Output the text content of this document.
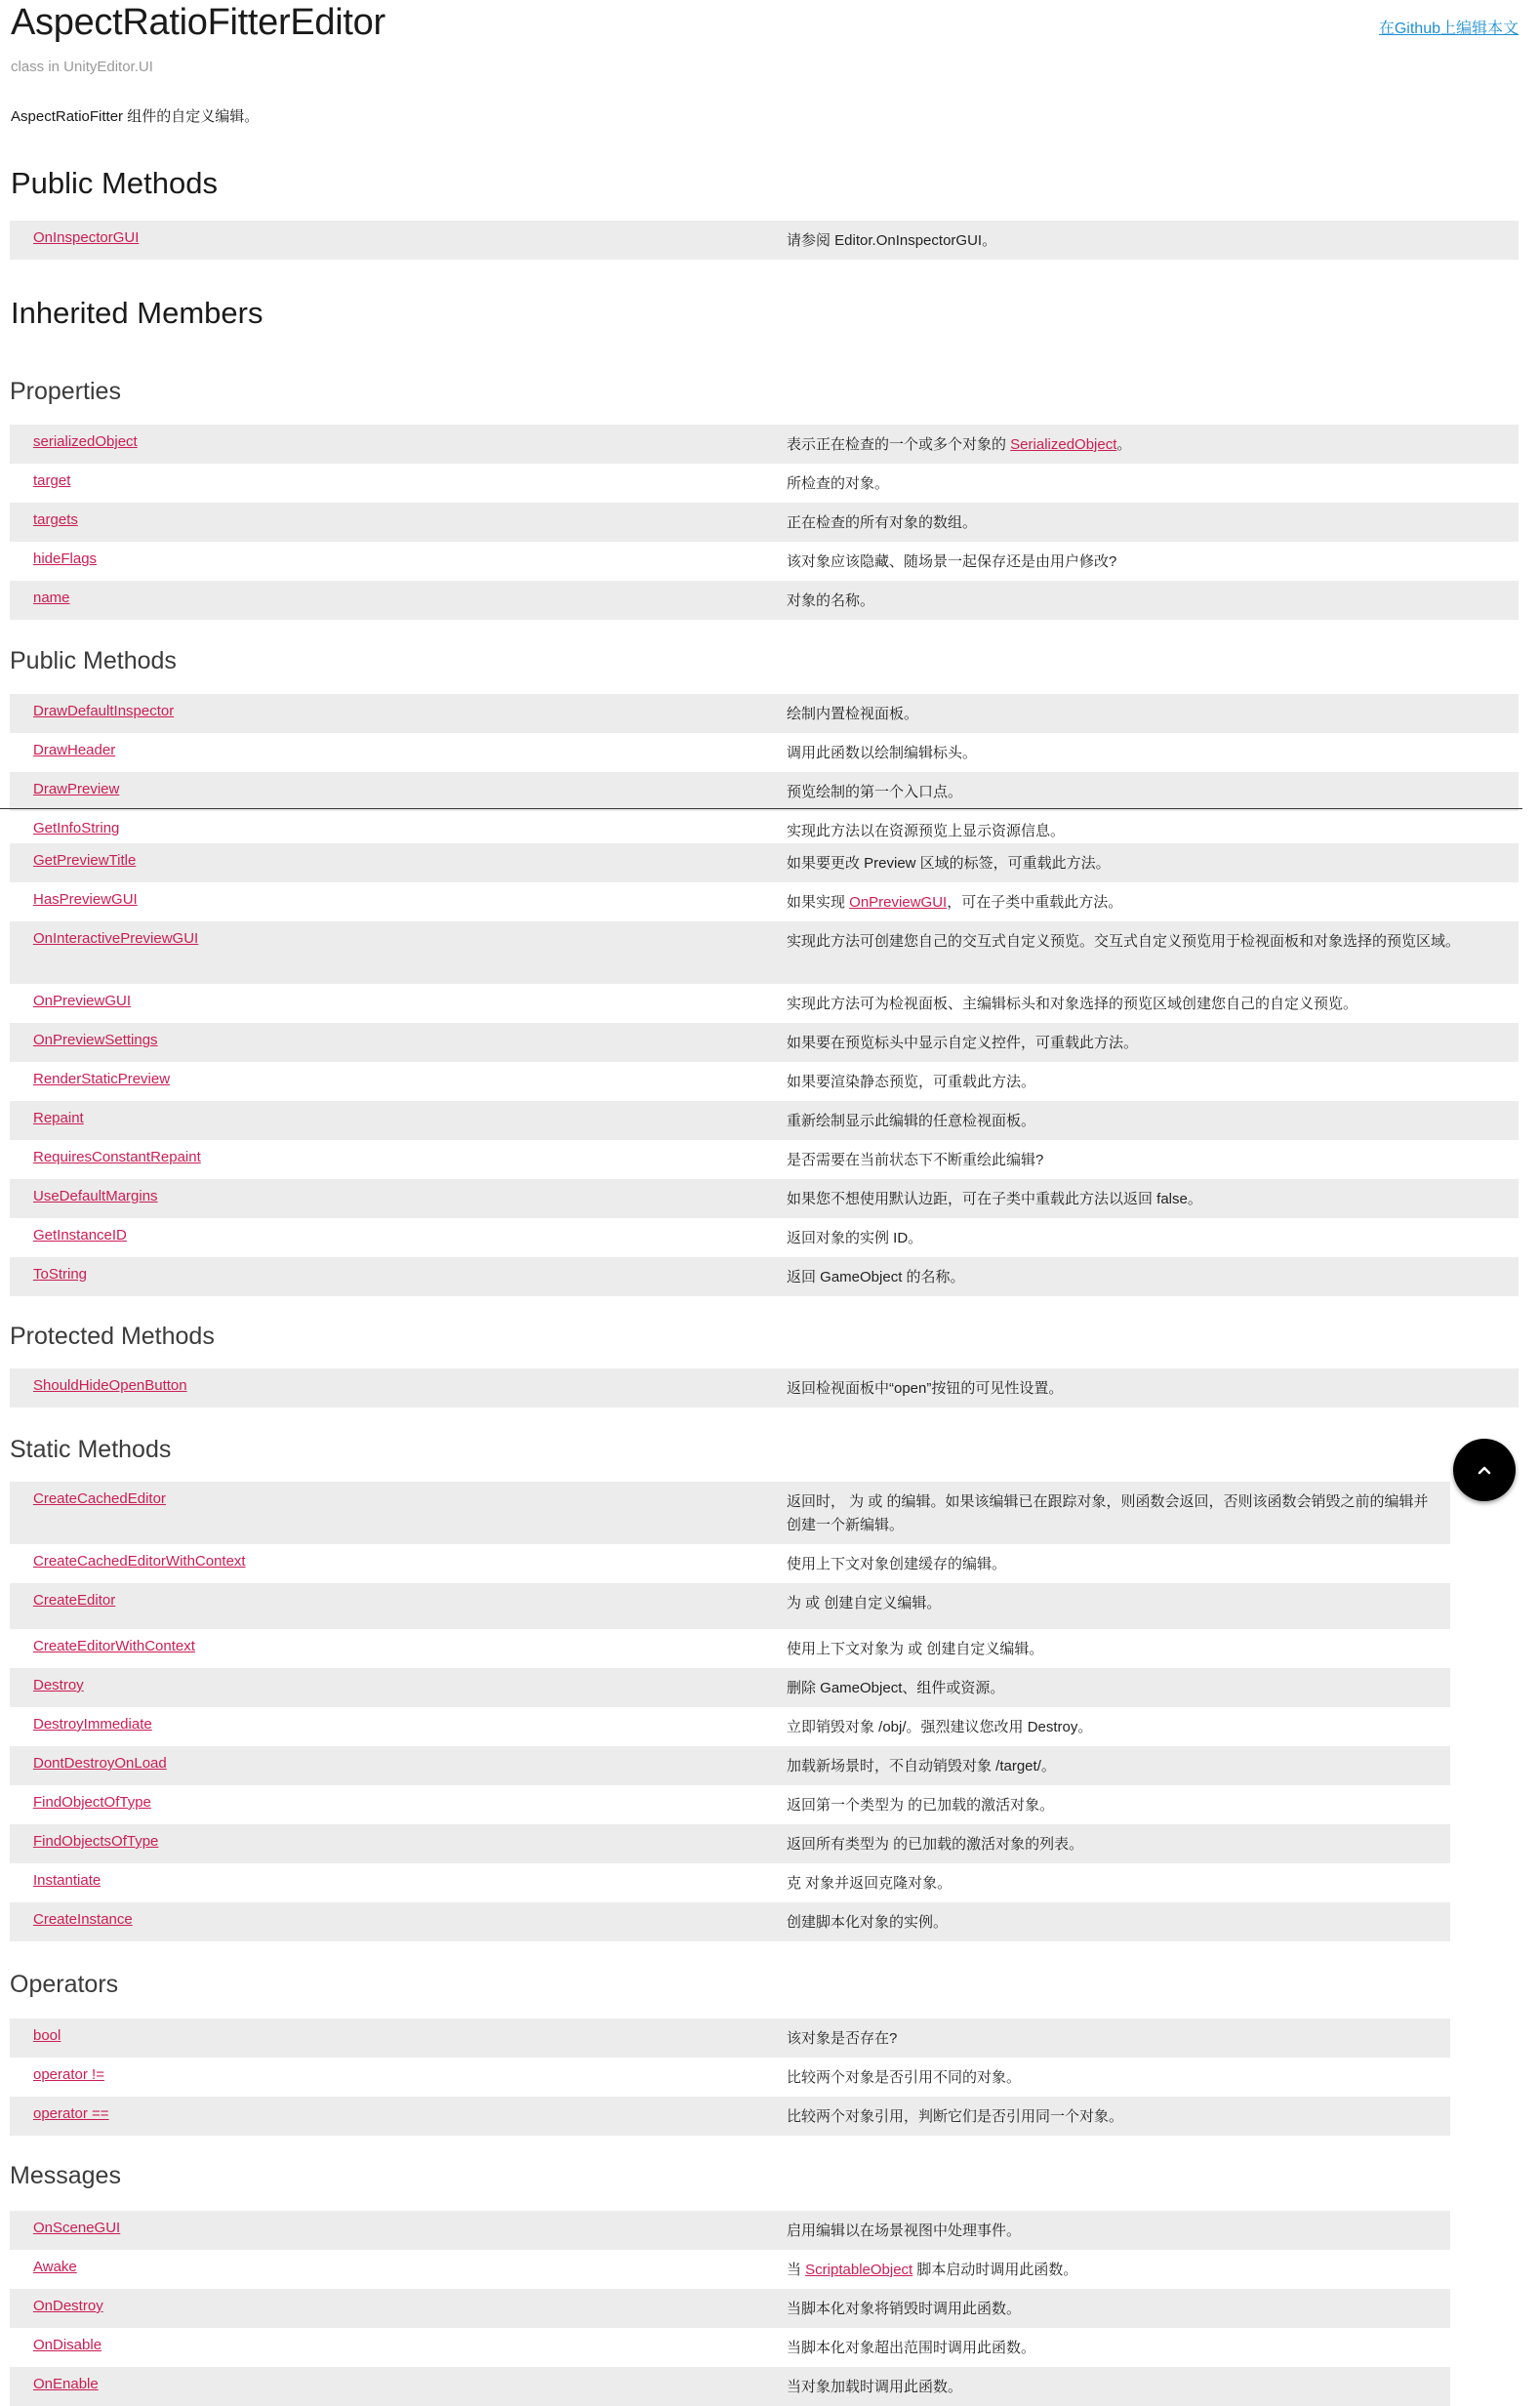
AspectRatioFitterEditor	在Github上编辑本文
class in UnityEditor.UI
AspectRatioFitter 组件的自定义编辑。
Public Methods
OnInspectorGUI	请参阅 Editor.OnInspectorGUI。
Inherited Members
Properties
serializedObject	表示正在检查的一个或多个对象的 SerializedObject。
target	所检查的对象。
targets	正在检查的所有对象的数组。
hideFlags	该对象应该隐藏、随场景一起保存还是由用户修改?
name	对象的名称。
Public Methods
DrawDefaultInspector	绘制内置检视面板。
DrawHeader	调用此函数以绘制编辑标头。
DrawPreview	预览绘制的第一个入口点。
GetInfoString	实现此方法以在资源预览上显示资源信息。
GetPreviewTitle	如果要更改 Preview 区域的标签，可重载此方法。
HasPreviewGUI	如果实现 OnPreviewGUI，可在子类中重载此方法。
OnInteractivePreviewGUI	实现此方法可创建您自己的交互式自定义预览。交互式自定义预览用于检视面板和对象选择的预览区域。
OnPreviewGUI	实现此方法可为检视面板、主编辑标头和对象选择的预览区域创建您自己的自定义预览。
OnPreviewSettings	如果要在预览标头中显示自定义控件，可重载此方法。
RenderStaticPreview	如果要渲染静态预览，可重载此方法。
Repaint	重新绘制显示此编辑的任意检视面板。
RequiresConstantRepaint	是否需要在当前状态下不断重绘此编辑?
UseDefaultMargins	如果您不想使用默认边距，可在子类中重载此方法以返回 false。
GetInstanceID	返回对象的实例 ID。
ToString	返回 GameObject 的名称。
Protected Methods
ShouldHideOpenButton	返回检视面板中“open”按钮的可见性设置。
Static Methods
CreateCachedEditor	返回时， 为 或 的编辑。如果该编辑已在跟踪对象，则函数会返回，否则该函数会销毁之前的编辑并创建一个新编辑。
CreateCachedEditorWithContext	使用上下文对象创建缓存的编辑。
CreateEditor	为 或 创建自定义编辑。
CreateEditorWithContext	使用上下文对象为 或 创建自定义编辑。
Destroy	删除 GameObject、组件或资源。
DestroyImmediate	立即销毁对象 /obj/。强烈建议您改用 Destroy。
DontDestroyOnLoad	加载新场景时，不自动销毁对象 /target/。
FindObjectOfType	返回第一个类型为 的已加载的激活对象。
FindObjectsOfType	返回所有类型为 的已加载的激活对象的列表。
Instantiate	克 对象并返回克隆对象。
CreateInstance	创建脚本化对象的实例。
Operators
bool	该对象是否存在?
operator !=	比较两个对象是否引用不同的对象。
operator ==	比较两个对象引用，判断它们是否引用同一个对象。
Messages
OnSceneGUI	启用编辑以在场景视图中处理事件。
Awake	当 ScriptableObject 脚本启动时调用此函数。
OnDestroy	当脚本化对象将销毁时调用此函数。
OnDisable	当脚本化对象超出范围时调用此函数。
OnEnable	当对象加载时调用此函数。
